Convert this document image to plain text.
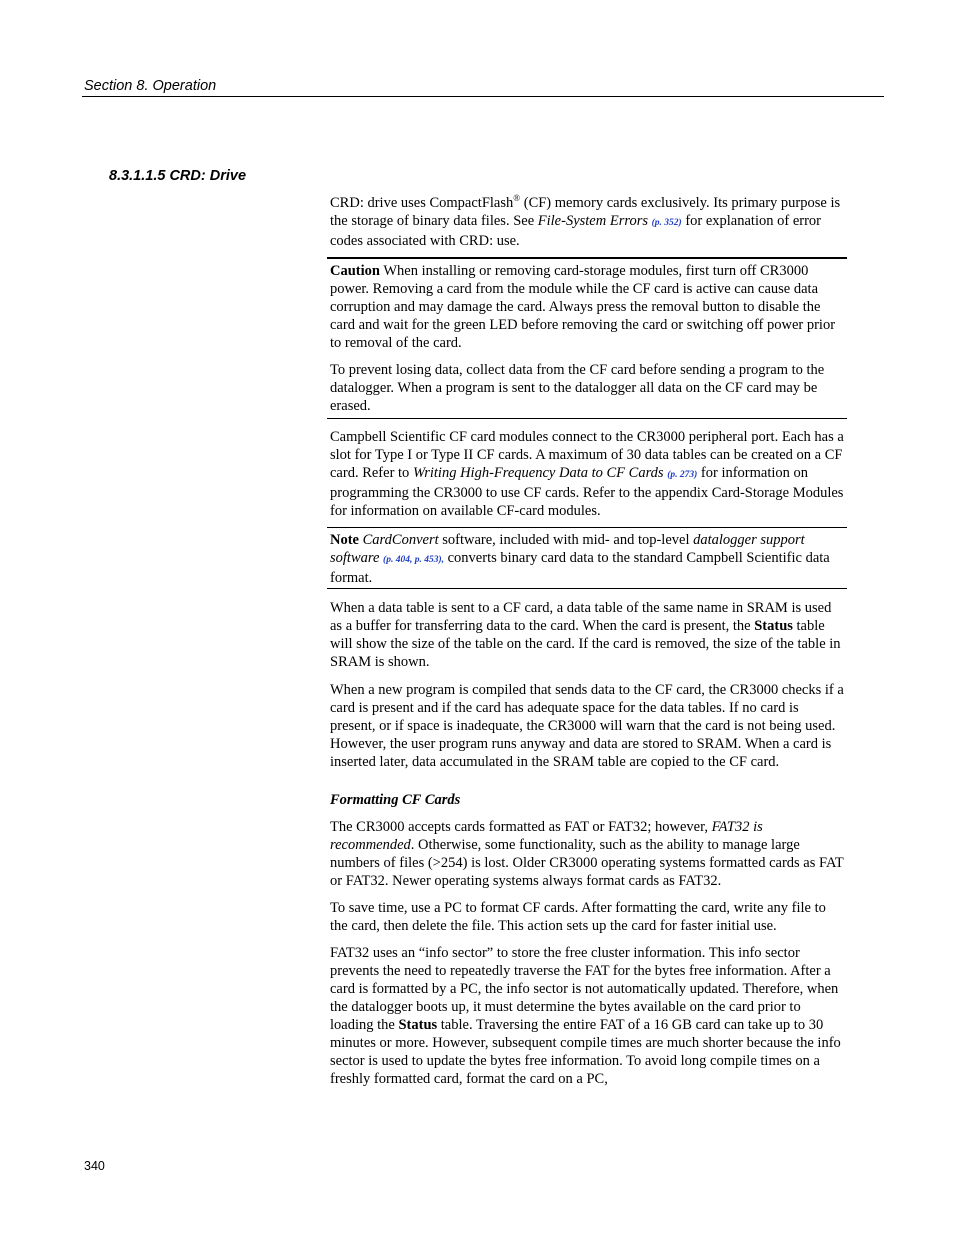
Section 8. Operation
8.3.1.1.5 CRD: Drive

CRD: drive uses CompactFlash® (CF) memory cards exclusively. Its primary purpose is the storage of binary data files. See File-System Errors (p. 352) for explanation of error codes associated with CRD: use.

Caution When installing or removing card-storage modules, first turn off CR3000 power. Removing a card from the module while the CF card is active can cause data corruption and may damage the card. Always press the removal button to disable the card and wait for the green LED before removing the card or switching off power prior to removal of the card.

To prevent losing data, collect data from the CF card before sending a program to the datalogger. When a program is sent to the datalogger all data on the CF card may be erased.

Campbell Scientific CF card modules connect to the CR3000 peripheral port. Each has a slot for Type I or Type II CF cards. A maximum of 30 data tables can be created on a CF card. Refer to Writing High-Frequency Data to CF Cards (p. 273) for information on programming the CR3000 to use CF cards. Refer to the appendix Card-Storage Modules for information on available CF-card modules.

Note CardConvert software, included with mid- and top-level datalogger support software (p. 404, p. 453), converts binary card data to the standard Campbell Scientific data format.

When a data table is sent to a CF card, a data table of the same name in SRAM is used as a buffer for transferring data to the card. When the card is present, the Status table will show the size of the table on the card. If the card is removed, the size of the table in SRAM is shown.

When a new program is compiled that sends data to the CF card, the CR3000 checks if a card is present and if the card has adequate space for the data tables. If no card is present, or if space is inadequate, the CR3000 will warn that the card is not being used. However, the user program runs anyway and data are stored to SRAM. When a card is inserted later, data accumulated in the SRAM table are copied to the CF card.

Formatting CF Cards

The CR3000 accepts cards formatted as FAT or FAT32; however, FAT32 is recommended. Otherwise, some functionality, such as the ability to manage large numbers of files (>254) is lost. Older CR3000 operating systems formatted cards as FAT or FAT32. Newer operating systems always format cards as FAT32.

To save time, use a PC to format CF cards. After formatting the card, write any file to the card, then delete the file. This action sets up the card for faster initial use.

FAT32 uses an “info sector” to store the free cluster information. This info sector prevents the need to repeatedly traverse the FAT for the bytes free information. After a card is formatted by a PC, the info sector is not automatically updated. Therefore, when the datalogger boots up, it must determine the bytes available on the card prior to loading the Status table. Traversing the entire FAT of a 16 GB card can take up to 30 minutes or more. However, subsequent compile times are much shorter because the info sector is used to update the bytes free information. To avoid long compile times on a freshly formatted card, format the card on a PC,

340
